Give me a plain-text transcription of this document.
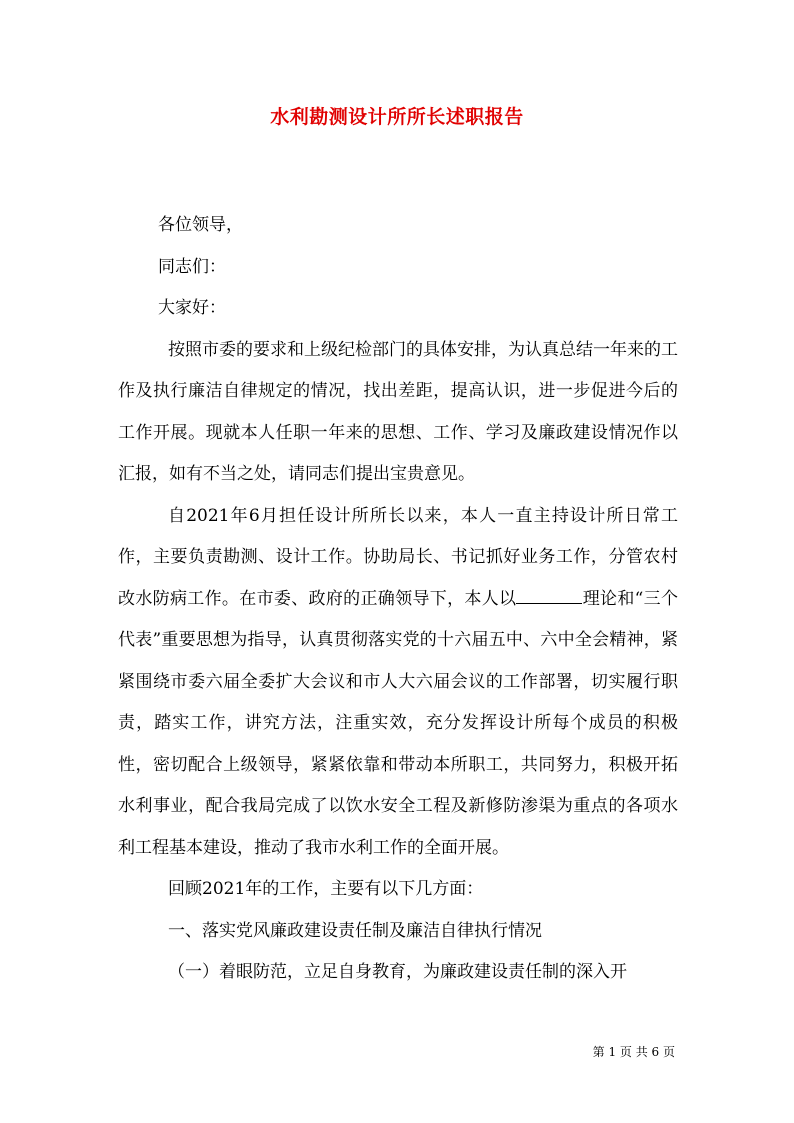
水利勘测设计所所长述职报告

各位领导，

同志们：

大家好：

按照市委的要求和上级纪检部门的具体安排，为认真总结一年来的工作及执行廉洁自律规定的情况，找出差距，提高认识，进一步促进今后的工作开展。现就本人任职一年来的思想、工作、学习及廉政建设情况作以汇报，如有不当之处，请同志们提出宝贵意见。

自2021年6月担任设计所所长以来，本人一直主持设计所日常工作，主要负责勘测、设计工作。协助局长、书记抓好业务工作，分管农村改水防病工作。在市委、政府的正确领导下，本人以	理论和“三个代表”重要思想为指导，认真贯彻落实党的十六届五中、六中全会精神，紧紧围绕市委六届全委扩大会议和市人大六届会议的工作部署，切实履行职责，踏实工作，讲究方法，注重实效，充分发挥设计所每个成员的积极性，密切配合上级领导，紧紧依靠和带动本所职工，共同努力，积极开拓水利事业，配合我局完成了以饮水安全工程及新修防渗渠为重点的各项水利工程基本建设，推动了我市水利工作的全面开展。

回顾2021年的工作，主要有以下几方面：

一、落实党风廉政建设责任制及廉洁自律执行情况

（一）着眼防范，立足自身教育，为廉政建设责任制的深入开

第 1 页 共 6 页
